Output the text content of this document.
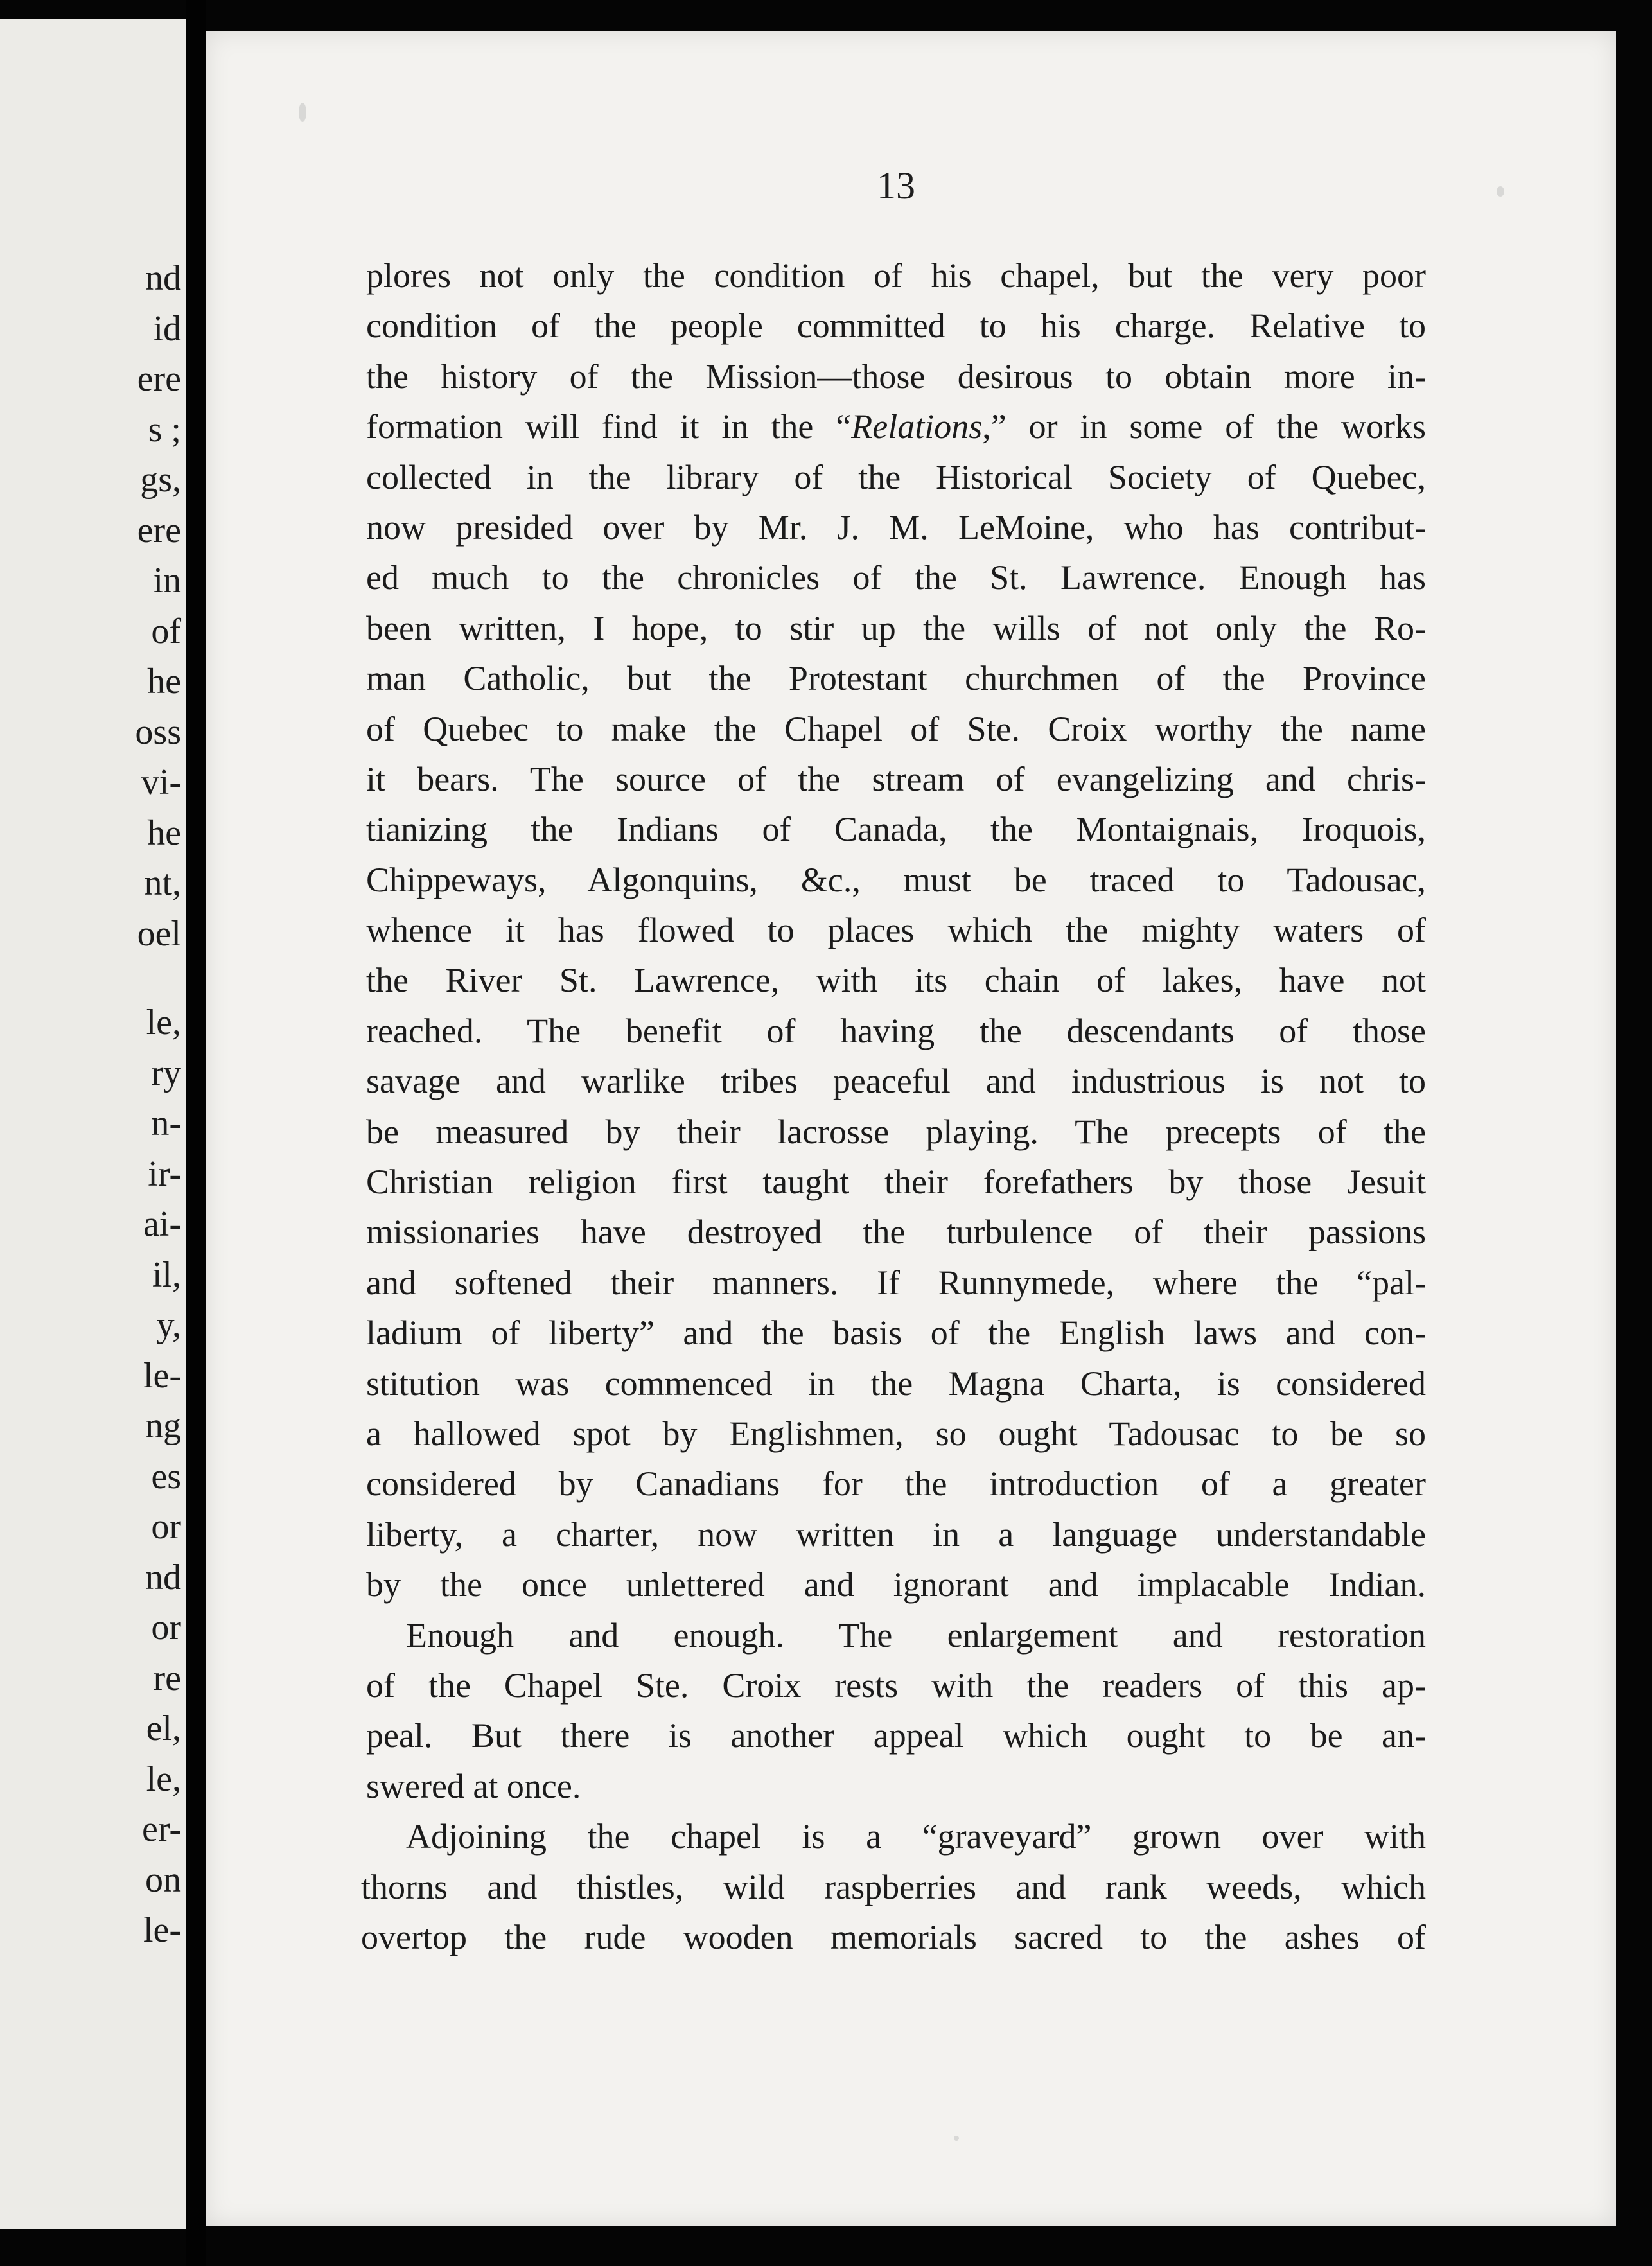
nd

id

ere

s ;

gs,

ere

in

of

he

oss

vi-

he

nt,

oel

le,

ry

n-

ir-

ai-

il,

y,

le-

ng

es

or

nd

or

re

el,

le,

er-

on

le-

13

plores not only the condition of his chapel, but the very poor
condition of the people committed to his charge. Relative to
the history of the Mission—those desirous to obtain more in-
formation will find it in the “Relations,” or in some of the works
collected in the library of the Historical Society of Quebec,
now presided over by Mr. J. M. LeMoine, who has contribut-
ed much to the chronicles of the St. Lawrence. Enough has
been written, I hope, to stir up the wills of not only the Ro-
man Catholic, but the Protestant churchmen of the Province
of Quebec to make the Chapel of Ste. Croix worthy the name
it bears. The source of the stream of evangelizing and chris-
tianizing the Indians of Canada, the Montaignais, Iroquois,
Chippeways, Algonquins, &c., must be traced to Tadousac,
whence it has flowed to places which the mighty waters of
the River St. Lawrence, with its chain of lakes, have not
reached. The benefit of having the descendants of those
savage and warlike tribes peaceful and industrious is not to
be measured by their lacrosse playing. The precepts of the
Christian religion first taught their forefathers by those Jesuit
missionaries have destroyed the turbulence of their passions
and softened their manners. If Runnymede, where the “pal-
ladium of liberty” and the basis of the English laws and con-
stitution was commenced in the Magna Charta, is considered
a hallowed spot by Englishmen, so ought Tadousac to be so
considered by Canadians for the introduction of a greater
liberty, a charter, now written in a language understandable
by the once unlettered and ignorant and implacable Indian.
Enough and enough. The enlargement and restoration
of the Chapel Ste. Croix rests with the readers of this ap-
peal. But there is another appeal which ought to be an-
swered at once.
Adjoining the chapel is a “graveyard” grown over with
thorns and thistles, wild raspberries and rank weeds, which
overtop the rude wooden memorials sacred to the ashes of
